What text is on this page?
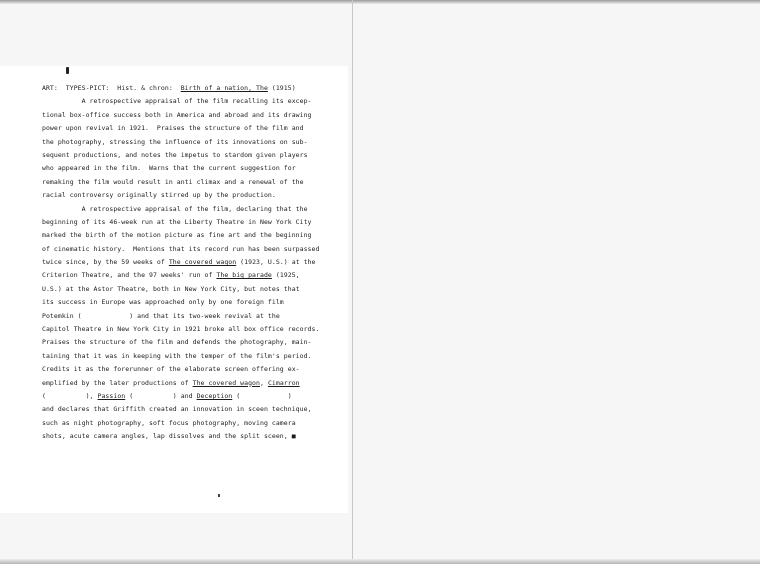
ART:  TYPES-PICT:  Hist. & chron:  Birth of a nation, The (1915)
A retrospective appraisal of the film recalling its excep-
tional box-office success both in America and abroad and its drawing
power upon revival in 1921.  Praises the structure of the film and
the photography, stressing the influence of its innovations on sub-
sequent productions, and notes the impetus to stardom given players
who appeared in the film.  Warns that the current suggestion for
remaking the film would result in anti climax and a renewal of the
racial controversy originally stirred up by the production.
A retrospective appraisal of the film, declaring that the
beginning of its 46-week run at the Liberty Theatre in New York City
marked the birth of the motion picture as fine art and the beginning
of cinematic history.  Mentions that its record run has been surpassed
twice since, by the 59 weeks of The covered wagon (1923, U.S.) at the
Criterion Theatre, and the 97 weeks' run of The big parade (1925,
U.S.) at the Astor Theatre, both in New York City, but notes that
its success in Europe was approached only by one foreign film
Potemkin (            ) and that its two-week revival at the
Capitol Theatre in New York City in 1921 broke all box office records.
Praises the structure of the film and defends the photography, main-
taining that it was in keeping with the temper of the film's period.
Credits it as the forerunner of the elaborate screen offering ex-
emplified by the later productions of The covered wagon, Cimarron
(          ), Passion (          ) and Deception (            )
and declares that Griffith created an innovation in sceen technique,
such as night photography, soft focus photography, moving camera
shots, acute camera angles, lap dissolves and the split sceen, ■
